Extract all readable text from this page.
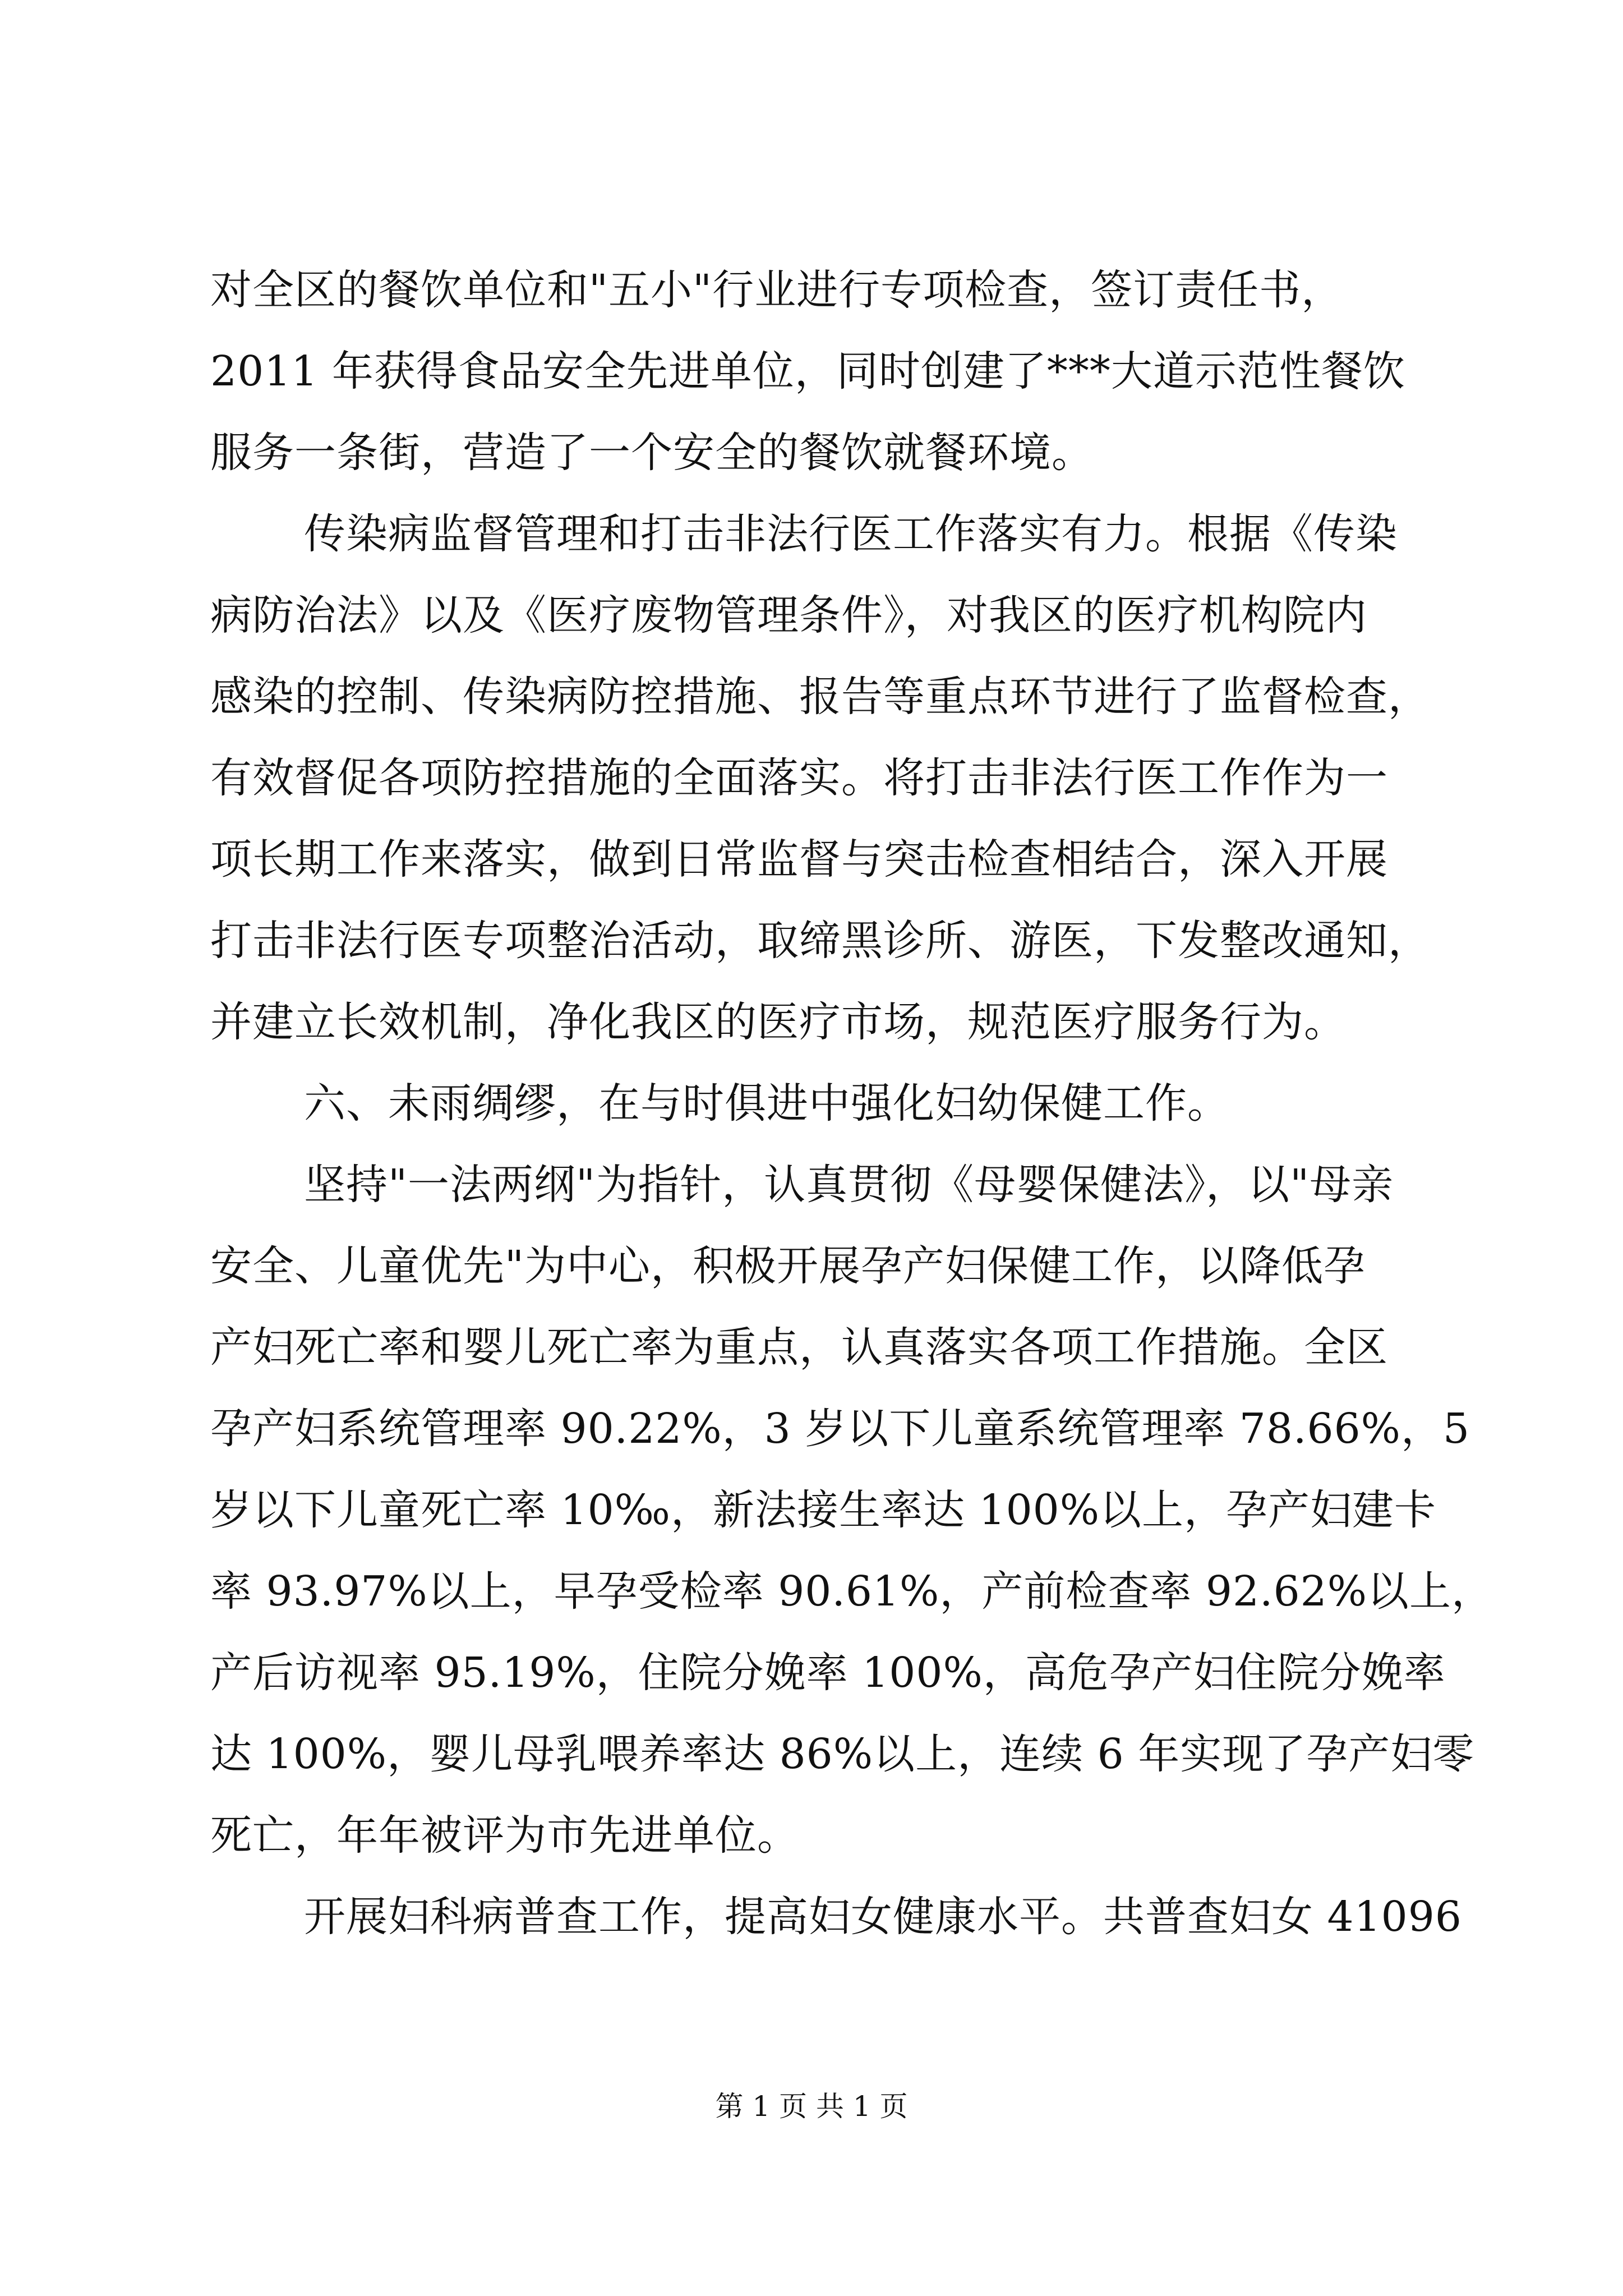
对全区的餐饮单位和"五小"行业进行专项检查，签订责任书，
2011 年获得食品安全先进单位，同时创建了***大道示范性餐饮
服务一条街，营造了一个安全的餐饮就餐环境。

传染病监督管理和打击非法行医工作落实有力。根据《传染
病防治法》以及《医疗废物管理条件》，对我区的医疗机构院内
感染的控制、传染病防控措施、报告等重点环节进行了监督检查，
有效督促各项防控措施的全面落实。将打击非法行医工作作为一
项长期工作来落实，做到日常监督与突击检查相结合，深入开展
打击非法行医专项整治活动，取缔黑诊所、游医，下发整改通知，
并建立长效机制，净化我区的医疗市场，规范医疗服务行为。

六、未雨绸缪，在与时俱进中强化妇幼保健工作。

坚持"一法两纲"为指针，认真贯彻《母婴保健法》，以"母亲
安全、儿童优先"为中心，积极开展孕产妇保健工作，以降低孕
产妇死亡率和婴儿死亡率为重点，认真落实各项工作措施。全区
孕产妇系统管理率 90.22%，3 岁以下儿童系统管理率 78.66%，5
岁以下儿童死亡率 10‰，新法接生率达 100%以上，孕产妇建卡
率 93.97%以上，早孕受检率 90.61%，产前检查率 92.62%以上，
产后访视率 95.19%，住院分娩率 100%，高危孕产妇住院分娩率
达 100%，婴儿母乳喂养率达 86%以上，连续 6 年实现了孕产妇零
死亡，年年被评为市先进单位。

开展妇科病普查工作，提高妇女健康水平。共普查妇女 41096

第 1 页 共 1 页
